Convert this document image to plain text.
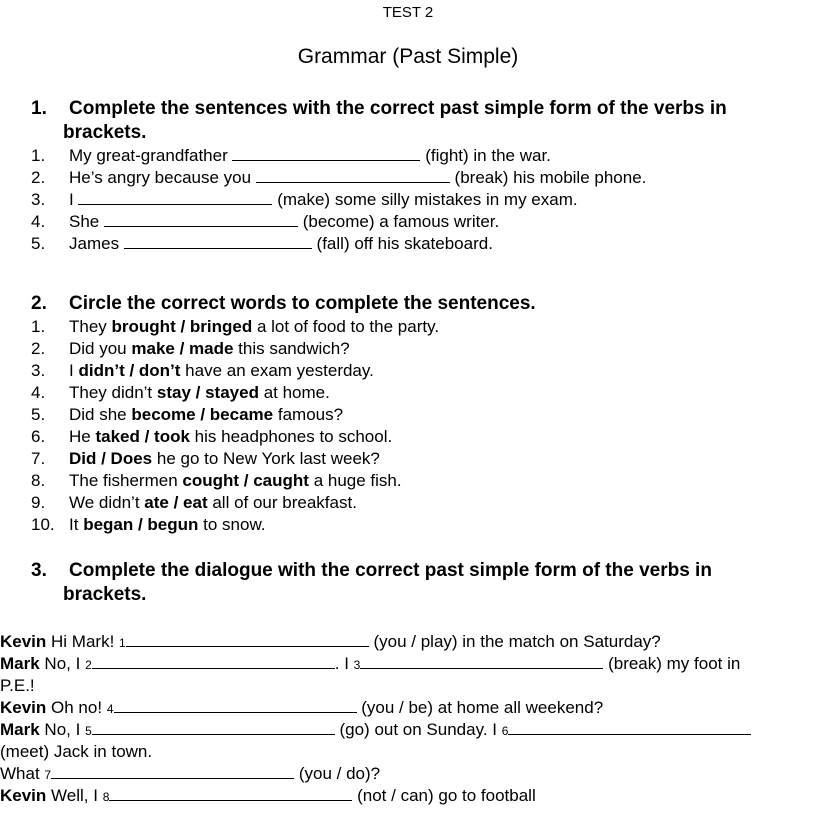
TEST 2
Grammar (Past Simple)
1. Complete the sentences with the correct past simple form of the verbs in
brackets.
1. My great-grandfather	(fight) in the war.
2. He’s angry because you	(break) his mobile phone.
3. I	(make) some silly mistakes in my exam.
4. She	(become) a famous writer.
5. James	(fall) off his skateboard.
2. Circle the correct words to complete the sentences.
1. They brought / bringed a lot of food to the party.
2. Did you make / made this sandwich?
3. I didn’t / don’t have an exam yesterday.
4. They didn’t stay / stayed at home.
5. Did she become / became famous?
6. He taked / took his headphones to school.
7. Did / Does he go to New York last week?
8. The fishermen cought / caught a huge fish.
9. We didn’t ate / eat all of our breakfast.
10. It began / begun to snow.
3. Complete the dialogue with the correct past simple form of the verbs in
brackets.
Kevin Hi Mark! 1	(you / play) in the match on Saturday?
Mark No, I 2	. I 3	(break) my foot in
P.E.!
Kevin Oh no! 4	(you / be) at home all weekend?
Mark No, I 5	(go) out on Sunday. I 6
(meet) Jack in town.
What 7	(you / do)?
Kevin Well, I 8	(not / can) go to football
